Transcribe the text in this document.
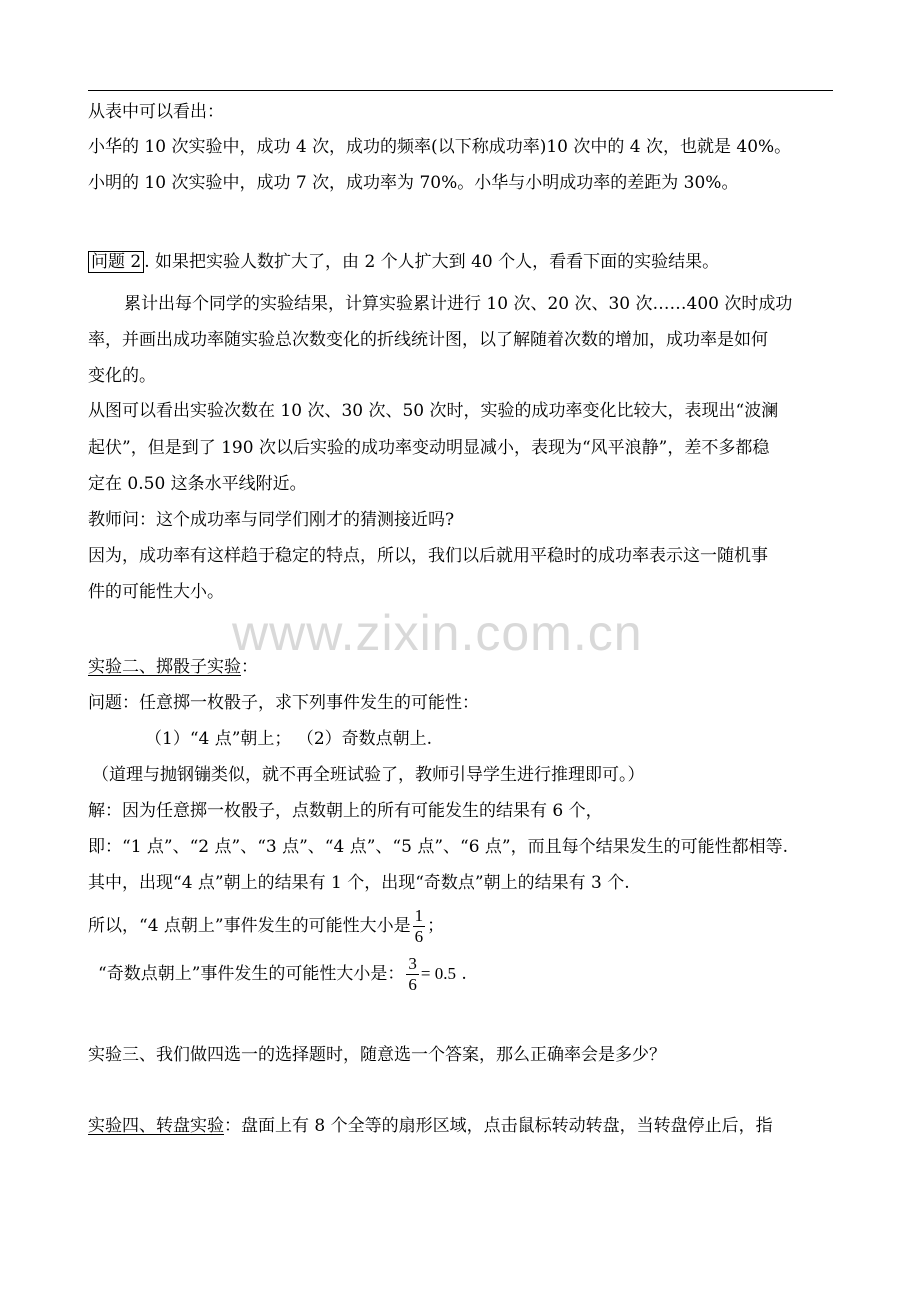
从表中可以看出：
小华的 10 次实验中，成功 4 次，成功的频率(以下称成功率)10 次中的 4 次，也就是 40%。
小明的 10 次实验中，成功 7 次，成功率为 70%。小华与小明成功率的差距为 30%。
问题 2 . 如果把实验人数扩大了，由 2 个人扩大到 40 个人，看看下面的实验结果。
累计出每个同学的实验结果，计算实验累计进行 10 次、20 次、30 次……400 次时成功
率，并画出成功率随实验总次数变化的折线统计图，以了解随着次数的增加，成功率是如何
变化的。
从图可以看出实验次数在 10 次、30 次、50 次时，实验的成功率变化比较大，表现出“波澜
起伏”，但是到了 190 次以后实验的成功率变动明显减小，表现为“风平浪静”，差不多都稳
定在 0.50 这条水平线附近。
教师问：这个成功率与同学们刚才的猜测接近吗?
因为，成功率有这样趋于稳定的特点，所以，我们以后就用平稳时的成功率表示这一随机事
件的可能性大小。
www.zixin.com.cn
实验二、掷骰子实验：
问题：任意掷一枚骰子，求下列事件发生的可能性：
（1）“4 点”朝上； （2）奇数点朝上.
（道理与抛钢镚类似，就不再全班试验了，教师引导学生进行推理即可。）
解：因为任意掷一枚骰子，点数朝上的所有可能发生的结果有 6 个，
即：“1 点”、“2 点”、“3 点”、“4 点”、“5 点”、“6 点”，而且每个结果发生的可能性都相等.
其中，出现“4 点”朝上的结果有 1 个，出现“奇数点”朝上的结果有 3 个.
所以，“4 点朝上”事件发生的可能性大小是 $\frac{1}{6}$ ；
“奇数点朝上”事件发生的可能性大小是： $\frac{3}{6} = 0.5$ .
实验三、我们做四选一的选择题时，随意选一个答案，那么正确率会是多少？
实验四、转盘实验：盘面上有 8 个全等的扇形区域，点击鼠标转动转盘，当转盘停止后，指
